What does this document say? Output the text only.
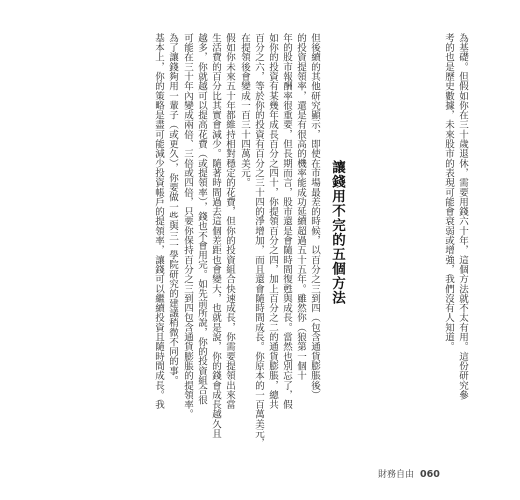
為基礎。但假如你在三十歲退休，需要用錢六十年，這個方法就不太有用。這份研究參
考的也是歷史數據，未來股市的表現可能會衰弱或增強，我們沒有人知道。
讓錢用不完的五個方法
但後續的其他研究顯示，即使在市場最差的時候，以百分之三到四（包含通貨膨脹後）
的投資提領率，還是有很高的機率能成功延續超過五十五年。雖然你（狼第一個十
年的股市報酬率很重要，但長期而言，股市還是會隨時間復甦與成長。當然也別忘了，假
如你的投資有某幾年成長百分之四十，你提領百分之四，加上百分之二的通貨膨脹，總共
百分之六，等於你的投資有百分之三十四的淨增加，而且還會隨時間成長。你原本的一百萬美元，
在提領後會變成一百三十四萬美元。
假如你未來五十年都維持相對穩定的花費，但你的投資組合快速成長，你需要提領出來當
生活費的百分比其實會減少。隨著時間過去這個差距也會變大，也就是說，你的錢會成長越久且
越多，你就越可以提高花費（或提領率），錢也不會用完。如先前所說，你的投資組合很
可能在三十年內變成兩倍、三倍或四倍，只要你保持百分之三到四包含通貨膨脹的提領率。
為了讓錢夠用一輩子（或更久），你要做一些與三一學院研究的建議稍微不同的事。
基本上，你的策略是盡可能減少投資帳戶的提領率，讓錢可以繼續投資且隨時間成長。我
財務自由 060
